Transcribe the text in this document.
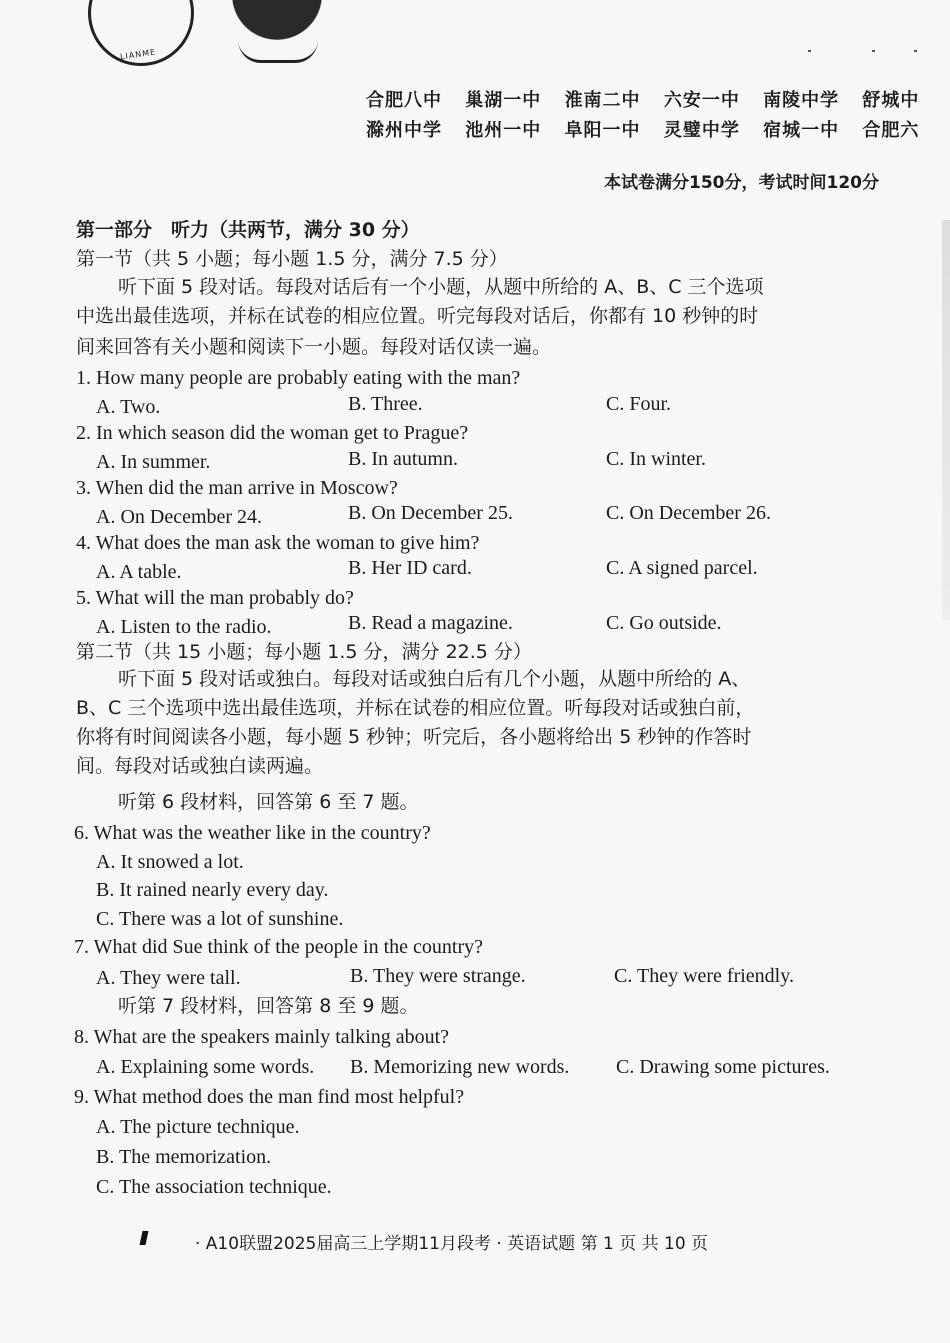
LIANME
合肥八中 巢湖一中 淮南二中 六安一中 南陵中学 舒城中
滁州中学 池州一中 阜阳一中 灵璧中学 宿城一中 合肥六
本试卷满分150分，考试时间120分
第一部分　听力（共两节，满分 30 分）
第一节（共 5 小题；每小题 1.5 分，满分 7.5 分）
听下面 5 段对话。每段对话后有一个小题，从题中所给的 A、B、C 三个选项
中选出最佳选项，并标在试卷的相应位置。听完每段对话后，你都有 10 秒钟的时
间来回答有关小题和阅读下一小题。每段对话仅读一遍。
1. How many people are probably eating with the man?
A. Two.	B. Three.	C. Four.
2. In which season did the woman get to Prague?
A. In summer.	B. In autumn.	C. In winter.
3. When did the man arrive in Moscow?
A. On December 24.	B. On December 25.	C. On December 26.
4. What does the man ask the woman to give him?
A. A table.	B. Her ID card.	C. A signed parcel.
5. What will the man probably do?
A. Listen to the radio.	B. Read a magazine.	C. Go outside.
第二节（共 15 小题；每小题 1.5 分，满分 22.5 分）
听下面 5 段对话或独白。每段对话或独白后有几个小题，从题中所给的 A、
B、C 三个选项中选出最佳选项，并标在试卷的相应位置。听每段对话或独白前，
你将有时间阅读各小题，每小题 5 秒钟；听完后，各小题将给出 5 秒钟的作答时
间。每段对话或独白读两遍。
听第 6 段材料，回答第 6 至 7 题。
6. What was the weather like in the country?
A. It snowed a lot.
B. It rained nearly every day.
C. There was a lot of sunshine.
7. What did Sue think of the people in the country?
A. They were tall.	B. They were strange.	C. They were friendly.
听第 7 段材料，回答第 8 至 9 题。
8. What are the speakers mainly talking about?
A. Explaining some words. B. Memorizing new words. C. Drawing some pictures.
9. What method does the man find most helpful?
A. The picture technique.
B. The memorization.
C. The association technique.
· A10联盟2025届高三上学期11月段考 · 英语试题 第 1 页 共 10 页
